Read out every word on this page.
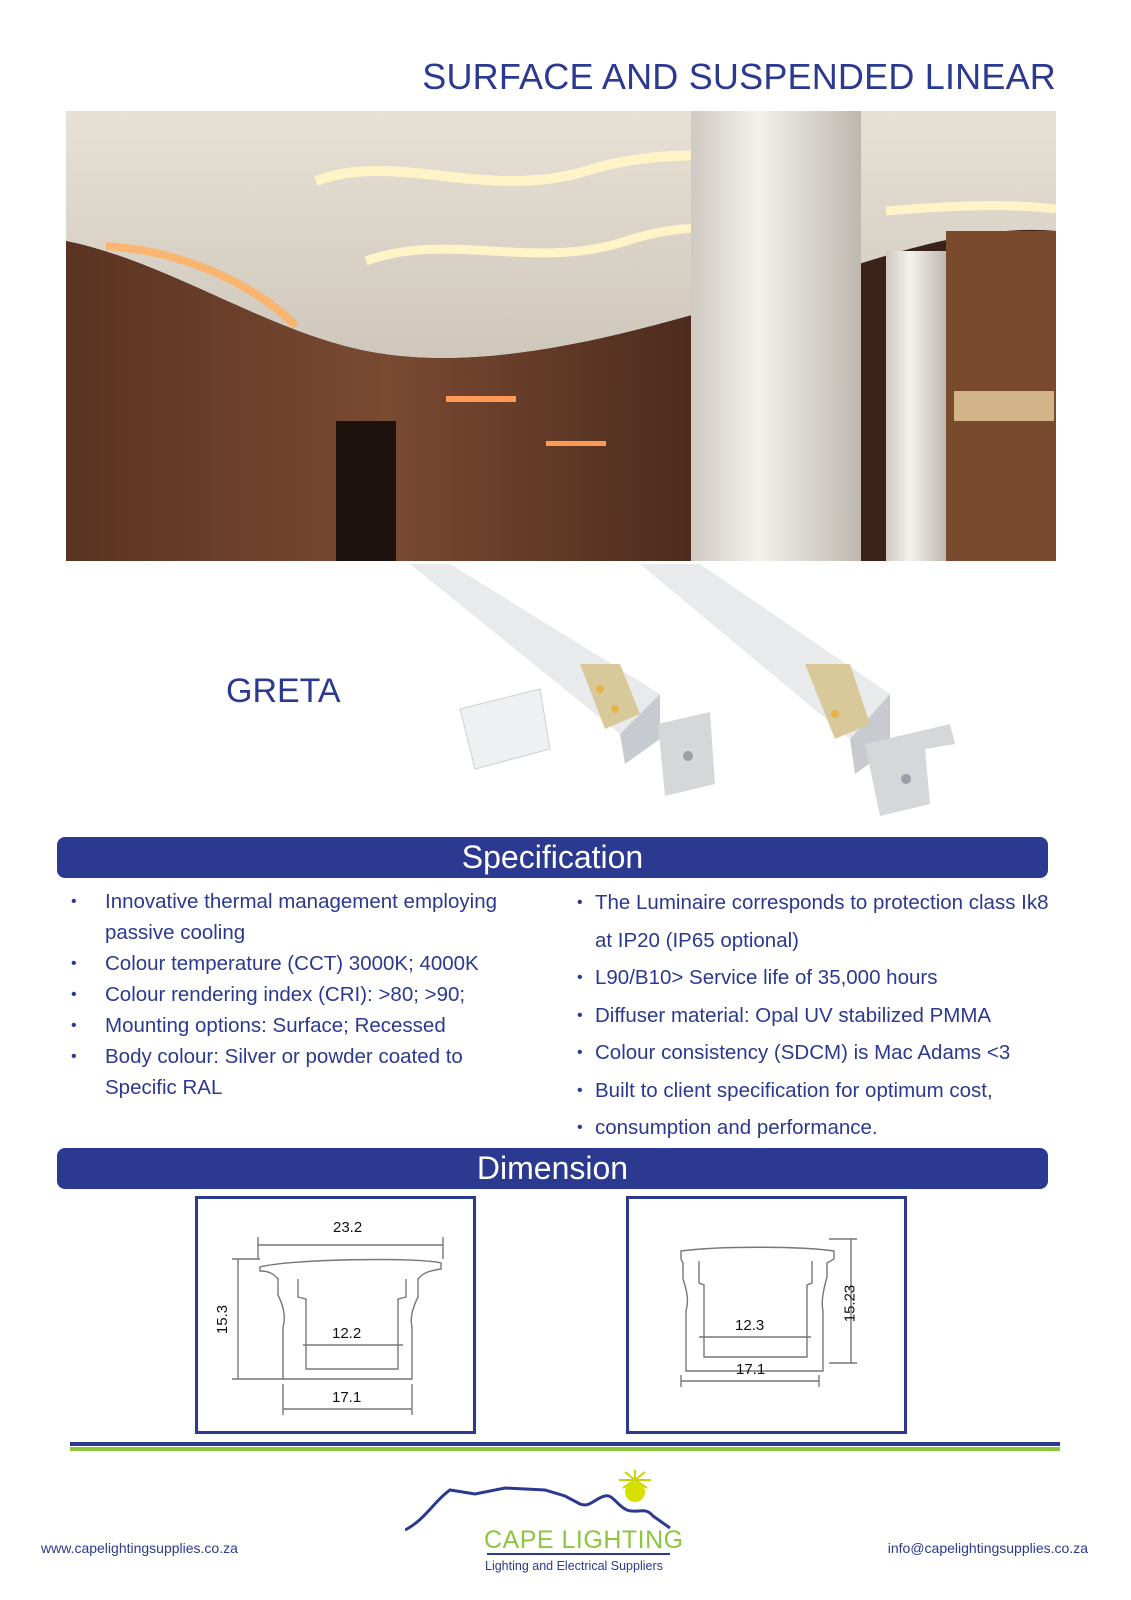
SURFACE AND SUSPENDED LINEAR
GRETA
Specification
• Innovative thermal management employing passive cooling
• Colour temperature (CCT) 3000K; 4000K
• Colour rendering index (CRI): >80; >90;
• Mounting options: Surface; Recessed
• Body colour: Silver or powder coated to Specific RAL
• The Luminaire corresponds to protection class Ik8 at IP20 (IP65 optional)
• L90/B10> Service life of 35,000 hours
• Diffuser material: Opal UV stabilized PMMA
• Colour consistency (SDCM) is Mac Adams <3
• Built to client specification for optimum cost,
• consumption and performance.
Dimension
23.2
15.3	12.2
17.1
12.3
15.23
17.1
www.capelightingsupplies.co.za	CAPE LIGHTING
Lighting and Electrical Suppliers
info@capelightingsupplies.co.za
